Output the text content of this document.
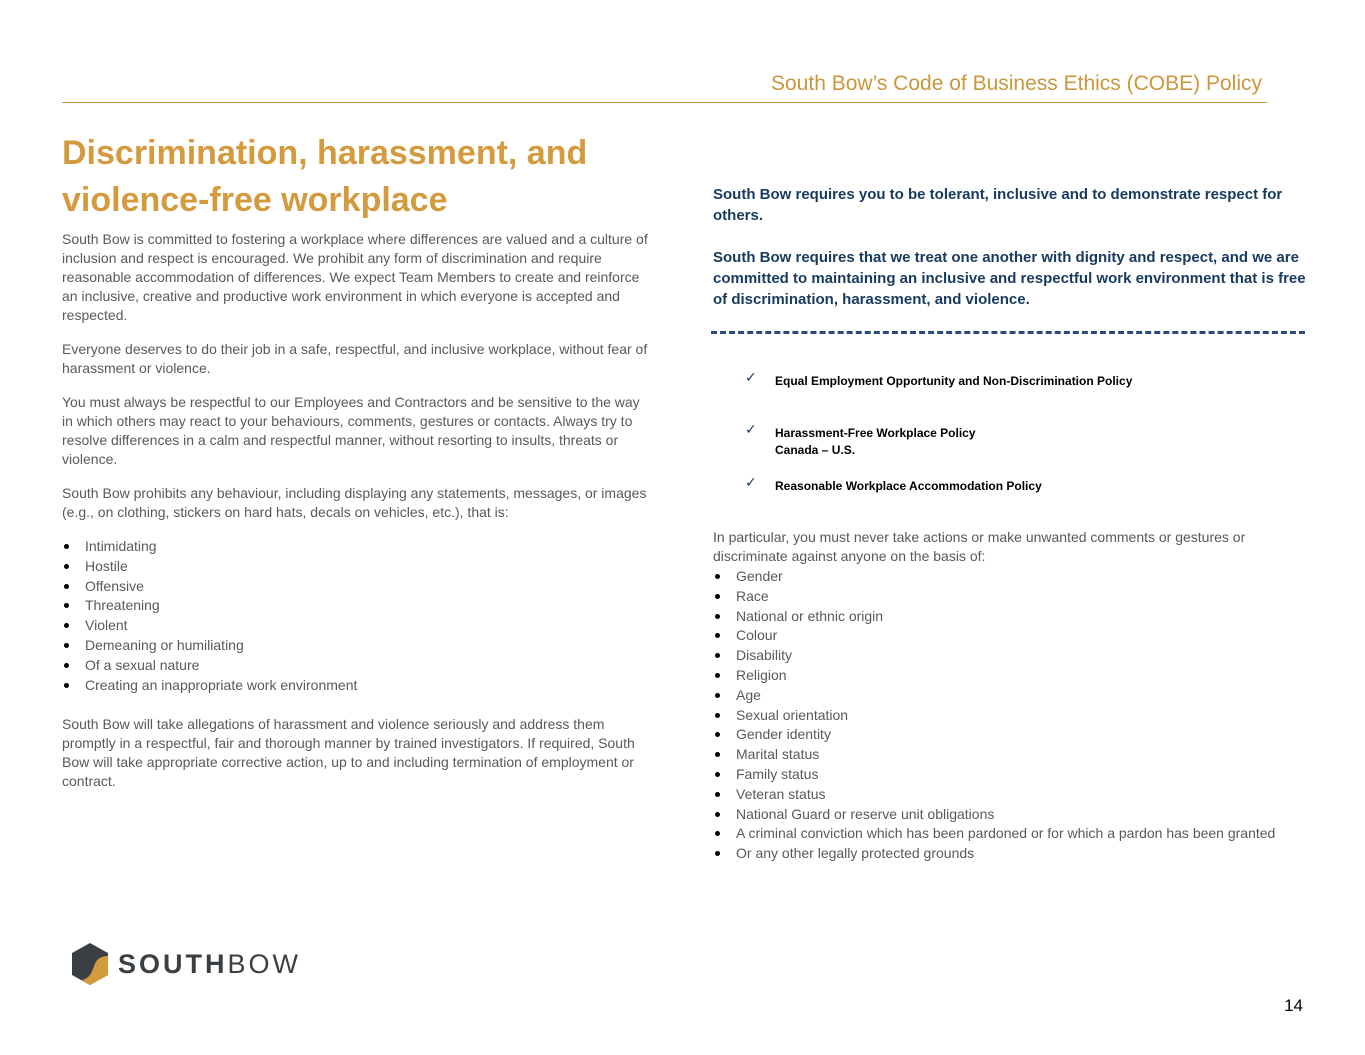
South Bow’s Code of Business Ethics (COBE) Policy
Discrimination, harassment, and violence-free workplace

South Bow is committed to fostering a workplace where differences are valued and a culture of inclusion and respect is encouraged. We prohibit any form of discrimination and require reasonable accommodation of differences. We expect Team Members to create and reinforce an inclusive, creative and productive work environment in which everyone is accepted and respected.

Everyone deserves to do their job in a safe, respectful, and inclusive workplace, without fear of harassment or violence.

You must always be respectful to our Employees and Contractors and be sensitive to the way in which others may react to your behaviours, comments, gestures or contacts. Always try to resolve differences in a calm and respectful manner, without resorting to insults, threats or violence.

South Bow prohibits any behaviour, including displaying any statements, messages, or images (e.g., on clothing, stickers on hard hats, decals on vehicles, etc.), that is:

Intimidating
Hostile
Offensive
Threatening
Violent
Demeaning or humiliating
Of a sexual nature
Creating an inappropriate work environment

South Bow will take allegations of harassment and violence seriously and address them promptly in a respectful, fair and thorough manner by trained investigators. If required, South Bow will take appropriate corrective action, up to and including termination of employment or contract.

South Bow requires you to be tolerant, inclusive and to demonstrate respect for others.

South Bow requires that we treat one another with dignity and respect, and we are committed to maintaining an inclusive and respectful work environment that is free of discrimination, harassment, and violence.

✓ Equal Employment Opportunity and Non-Discrimination Policy
✓ Harassment-Free Workplace Policy
Canada – U.S.
✓ Reasonable Workplace Accommodation Policy

In particular, you must never take actions or make unwanted comments or gestures or discriminate against anyone on the basis of:

Gender
Race
National or ethnic origin
Colour
Disability
Religion
Age
Sexual orientation
Gender identity
Marital status
Family status
Veteran status
National Guard or reserve unit obligations
A criminal conviction which has been pardoned or for which a pardon has been granted
Or any other legally protected grounds
SOUTHBOW
14
